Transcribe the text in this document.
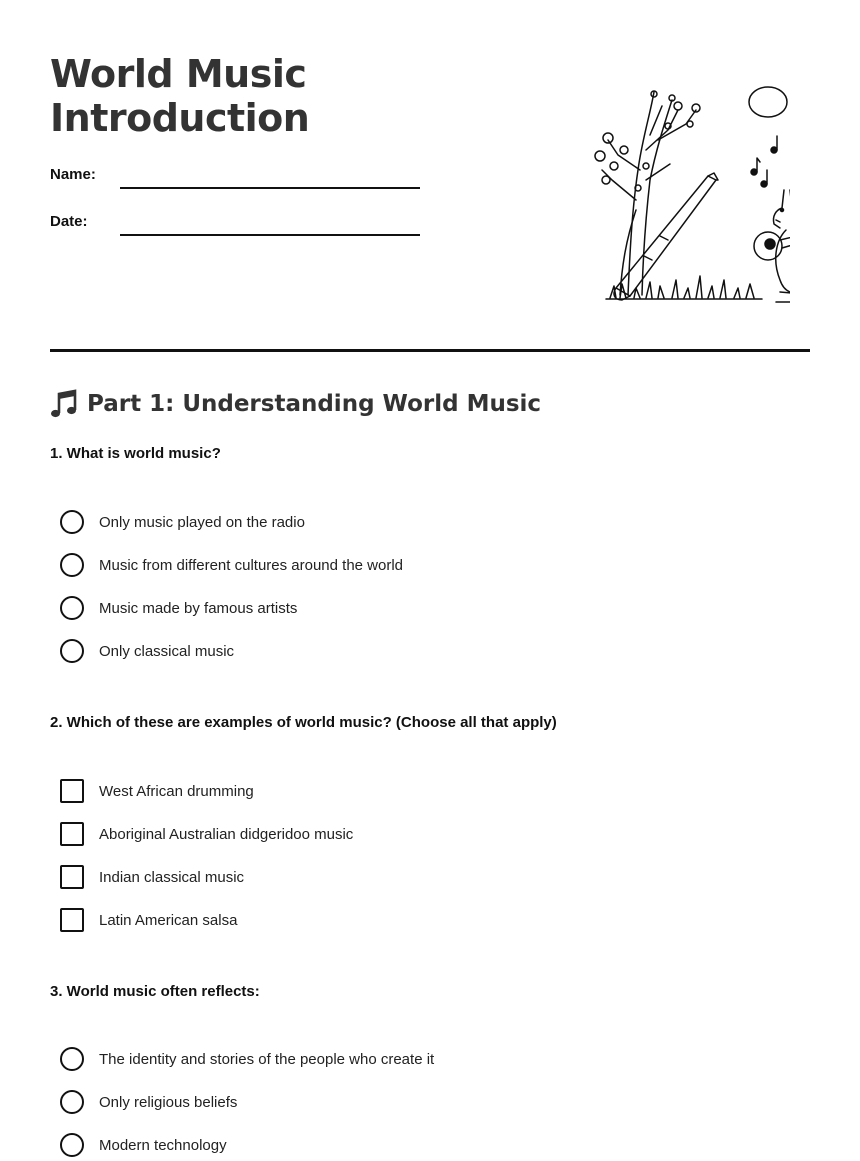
World Music
Introduction
Name:
Date:
Part 1: Understanding World Music

1. What is world music?

Only music played on the radio
Music from different cultures around the world
Music made by famous artists
Only classical music

2. Which of these are examples of world music? (Choose all that apply)

West African drumming
Aboriginal Australian didgeridoo music
Indian classical music
Latin American salsa

3. World music often reflects:

The identity and stories of the people who create it
Only religious beliefs
Modern technology
